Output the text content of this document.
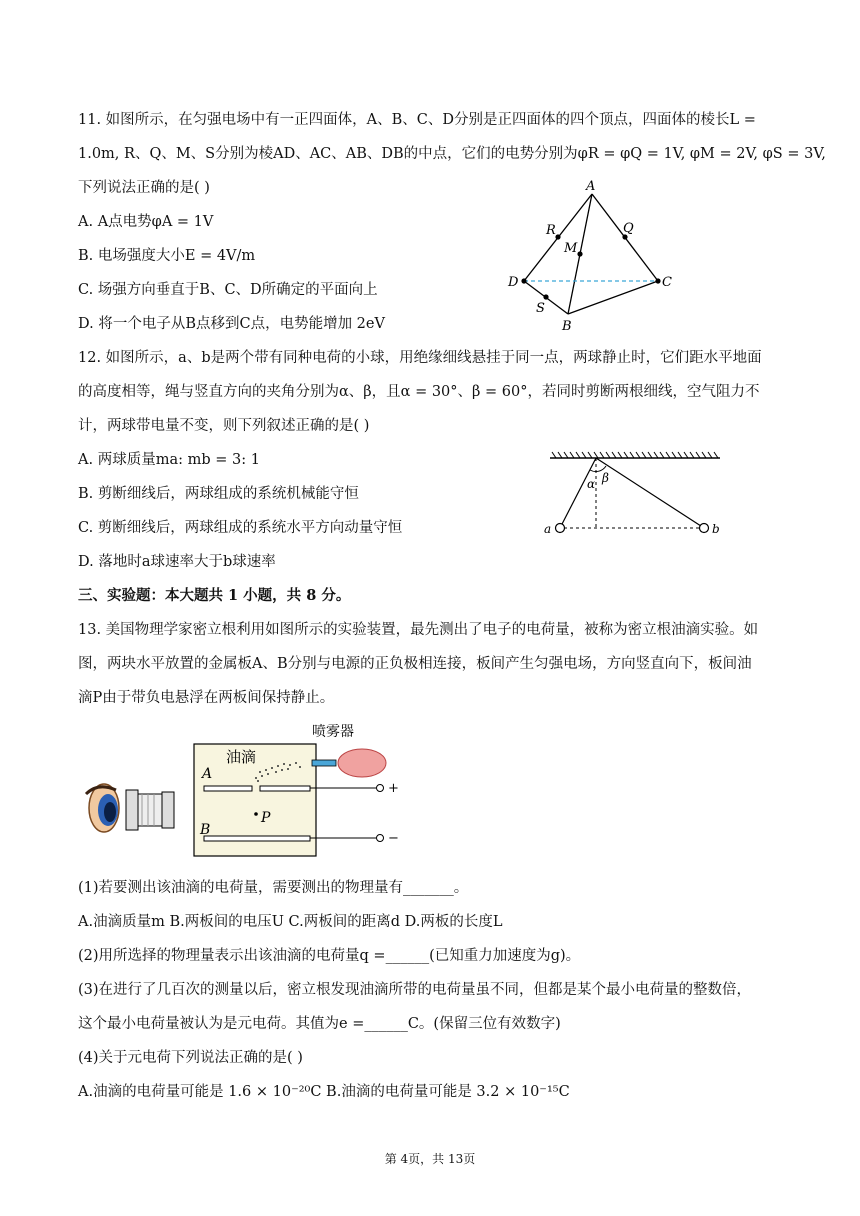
11. 如图所示，在匀强电场中有一正四面体，A、B、C、D分别是正四面体的四个顶点，四面体的棱长L =
1.0m, R、Q、M、S分别为棱AD、AC、AB、DB的中点，它们的电势分别为φR = φQ = 1V, φM = 2V, φS = 3V,
下列说法正确的是( )
A. A点电势φA = 1V
B. 电场强度大小E = 4V/m
C. 场强方向垂直于B、C、D所确定的平面向上
D. 将一个电子从B点移到C点，电势能增加 2eV
A
R	Q
M
D	C
S
B
12. 如图所示，a、b是两个带有同种电荷的小球，用绝缘细线悬挂于同一点，两球静止时，它们距水平地面
的高度相等，绳与竖直方向的夹角分别为α、β，且α = 30°、β = 60°，若同时剪断两根细线，空气阻力不
计，两球带电量不变，则下列叙述正确的是( )
A. 两球质量ma: mb = 3: 1
B. 剪断细线后，两球组成的系统机械能守恒
C. 剪断细线后，两球组成的系统水平方向动量守恒
D. 落地时a球速率大于b球速率
α β
a	b
三、实验题：本大题共 1 小题，共 8 分。
13. 美国物理学家密立根利用如图所示的实验装置，最先测出了电子的电荷量，被称为密立根油滴实验。如
图，两块水平放置的金属板A、B分别与电源的正负极相连接，板间产生匀强电场，方向竖直向下，板间油
滴P由于带负电悬浮在两板间保持静止。
喷雾器
油滴
A
B
P
+
−
(1)若要测出该油滴的电荷量，需要测出的物理量有_______。
A.油滴质量m B.两板间的电压U C.两板间的距离d D.两板的长度L
(2)用所选择的物理量表示出该油滴的电荷量q =______(已知重力加速度为g)。
(3)在进行了几百次的测量以后，密立根发现油滴所带的电荷量虽不同，但都是某个最小电荷量的整数倍，
这个最小电荷量被认为是元电荷。其值为e =______C。(保留三位有效数字)
(4)关于元电荷下列说法正确的是( )
A.油滴的电荷量可能是 1.6 × 10⁻²⁰C B.油滴的电荷量可能是 3.2 × 10⁻¹⁵C
第 4页，共 13页
